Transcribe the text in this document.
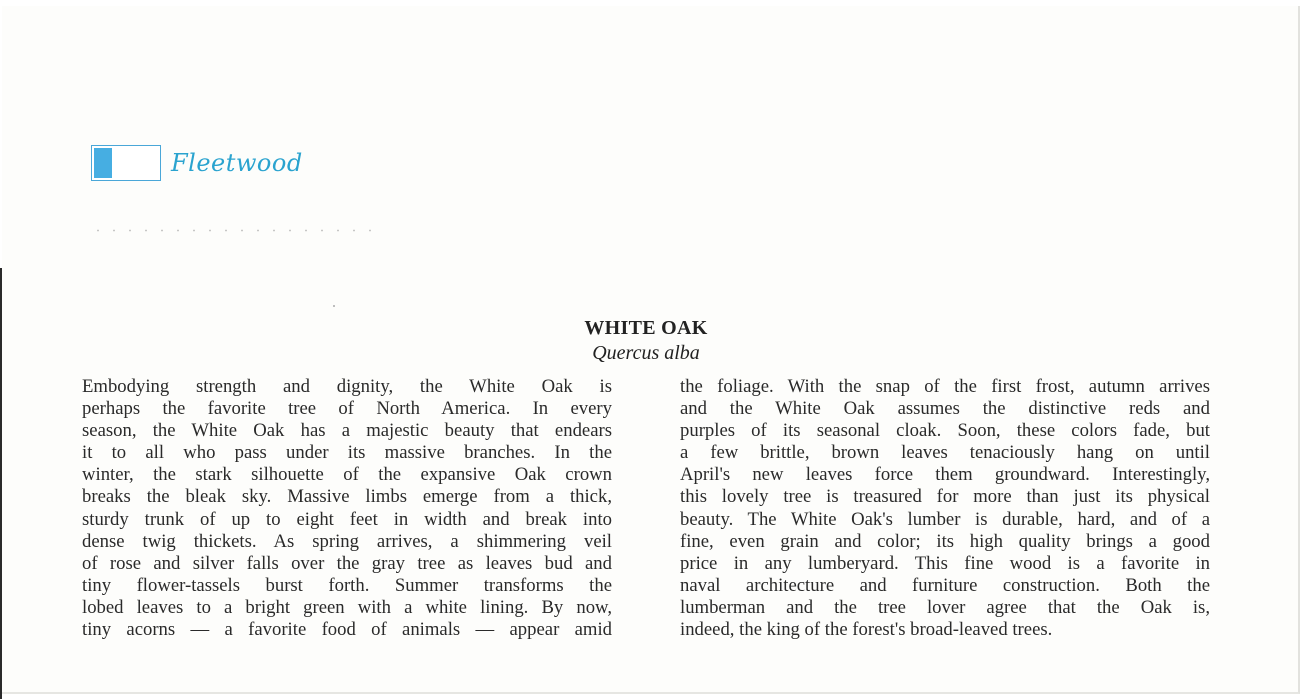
Fleetwood
WHITE OAK
Quercus alba
Embodying strength and dignity, the White Oak is
perhaps the favorite tree of North America. In every
season, the White Oak has a majestic beauty that endears
it to all who pass under its massive branches. In the
winter, the stark silhouette of the expansive Oak crown
breaks the bleak sky. Massive limbs emerge from a thick,
sturdy trunk of up to eight feet in width and break into
dense twig thickets. As spring arrives, a shimmering veil
of rose and silver falls over the gray tree as leaves bud and
tiny flower-tassels burst forth. Summer transforms the
lobed leaves to a bright green with a white lining. By now,
tiny acorns — a favorite food of animals — appear amid
the foliage. With the snap of the first frost, autumn arrives
and the White Oak assumes the distinctive reds and
purples of its seasonal cloak. Soon, these colors fade, but
a few brittle, brown leaves tenaciously hang on until
April's new leaves force them groundward. Interestingly,
this lovely tree is treasured for more than just its physical
beauty. The White Oak's lumber is durable, hard, and of a
fine, even grain and color; its high quality brings a good
price in any lumberyard. This fine wood is a favorite in
naval architecture and furniture construction. Both the
lumberman and the tree lover agree that the Oak is,
indeed, the king of the forest's broad-leaved trees.
